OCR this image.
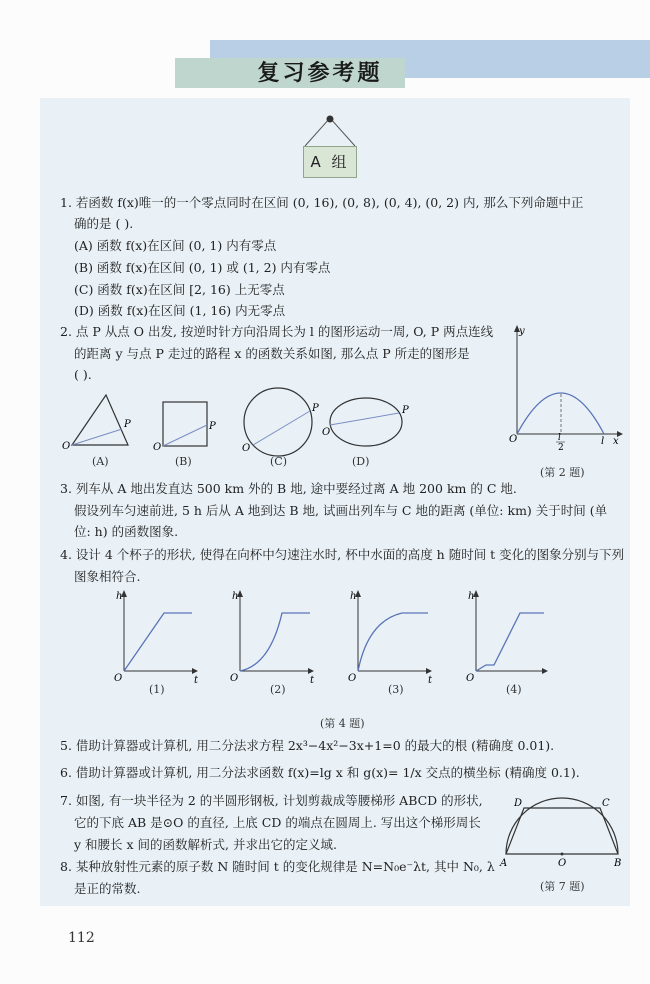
复习参考题
A 组
1. 若函数 f(x)唯一的一个零点同时在区间 (0, 16), (0, 8), (0, 4), (0, 2) 内, 那么下列命题中正
确的是 ( ).
(A) 函数 f(x)在区间 (0, 1) 内有零点
(B) 函数 f(x)在区间 (0, 1) 或 (1, 2) 内有零点
(C) 函数 f(x)在区间 [2, 16) 上无零点
(D) 函数 f(x)在区间 (1, 16) 内无零点
2. 点 P 从点 O 出发, 按逆时针方向沿周长为 l 的图形运动一周, O, P 两点连线
的距离 y 与点 P 走过的路程 x 的函数关系如图, 那么点 P 所走的图形是
( ).
O
P
O
P
O
P
O
P
(A)	(B)	(C)	(D)
y
O	l
2
l x
(第 2 题)
3. 列车从 A 地出发直达 500 km 外的 B 地, 途中要经过离 A 地 200 km 的 C 地.
假设列车匀速前进, 5 h 后从 A 地到达 B 地, 试画出列车与 C 地的距离 (单位: km) 关于时间 (单
位: h) 的函数图象.
4. 设计 4 个杯子的形状, 使得在向杯中匀速注水时, 杯中水面的高度 h 随时间 t 变化的图象分别与下列
图象相符合.
h
O	t
h
O	t
h
O	t
h
O
(1)	(2)	(3)	(4)
(第 4 题)
5. 借助计算器或计算机, 用二分法求方程 2x³−4x²−3x+1=0 的最大的根 (精确度 0.01).
6. 借助计算器或计算机, 用二分法求函数 f(x)=lg x 和 g(x)= 1/x 交点的横坐标 (精确度 0.1).
7. 如图, 有一块半径为 2 的半圆形钢板, 计划剪裁成等腰梯形 ABCD 的形状,
它的下底 AB 是⊙O 的直径, 上底 CD 的端点在圆周上. 写出这个梯形周长
y 和腰长 x 间的函数解析式, 并求出它的定义域.
D	C
A	O	B
8. 某种放射性元素的原子数 N 随时间 t 的变化规律是 N=N₀e⁻λt, 其中 N₀, λ
是正的常数.	(第 7 题)
112
